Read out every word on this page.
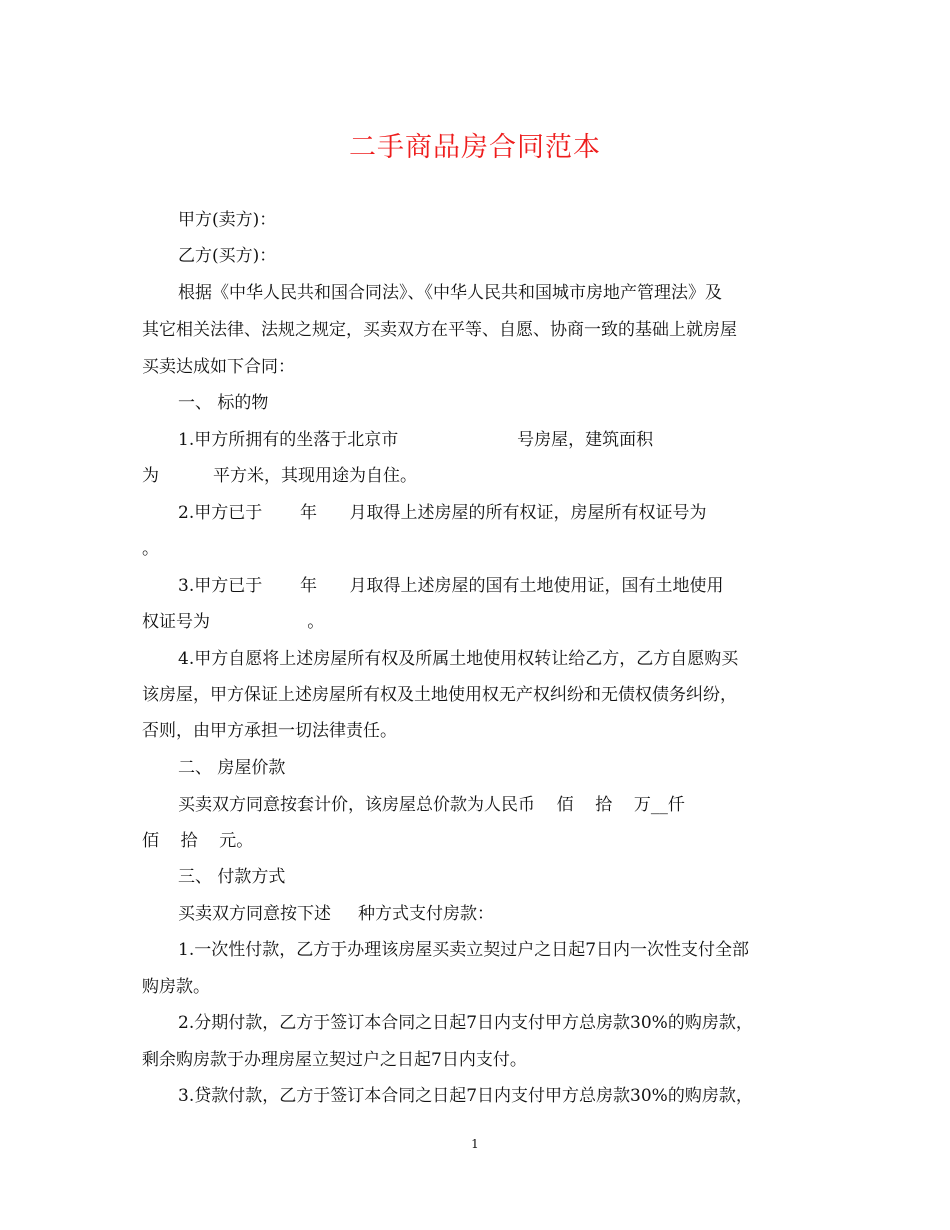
二手商品房合同范本
甲方(卖方)：
乙方(买方)：
根据《中华人民共和国合同法》、《中华人民共和国城市房地产管理法》及
其它相关法律、法规之规定，买卖双方在平等、自愿、协商一致的基础上就房屋
买卖达成如下合同：
一、 标的物
1.甲方所拥有的坐落于北京市                      号房屋，建筑面积
为          平方米，其现用途为自住。
2.甲方已于       年      月取得上述房屋的所有权证，房屋所有权证号为
。
3.甲方已于       年      月取得上述房屋的国有土地使用证，国有土地使用
权证号为                  。
4.甲方自愿将上述房屋所有权及所属土地使用权转让给乙方，乙方自愿购买
该房屋，甲方保证上述房屋所有权及土地使用权无产权纠纷和无债权债务纠纷，
否则，由甲方承担一切法律责任。
二、 房屋价款
买卖双方同意按套计价，该房屋总价款为人民币    佰    拾    万__仟
佰    拾    元。
三、 付款方式
买卖双方同意按下述     种方式支付房款：
1.一次性付款，乙方于办理该房屋买卖立契过户之日起7日内一次性支付全部
购房款。
2.分期付款，乙方于签订本合同之日起7日内支付甲方总房款30%的购房款，
剩余购房款于办理房屋立契过户之日起7日内支付。
3.贷款付款，乙方于签订本合同之日起7日内支付甲方总房款30%的购房款，
1
